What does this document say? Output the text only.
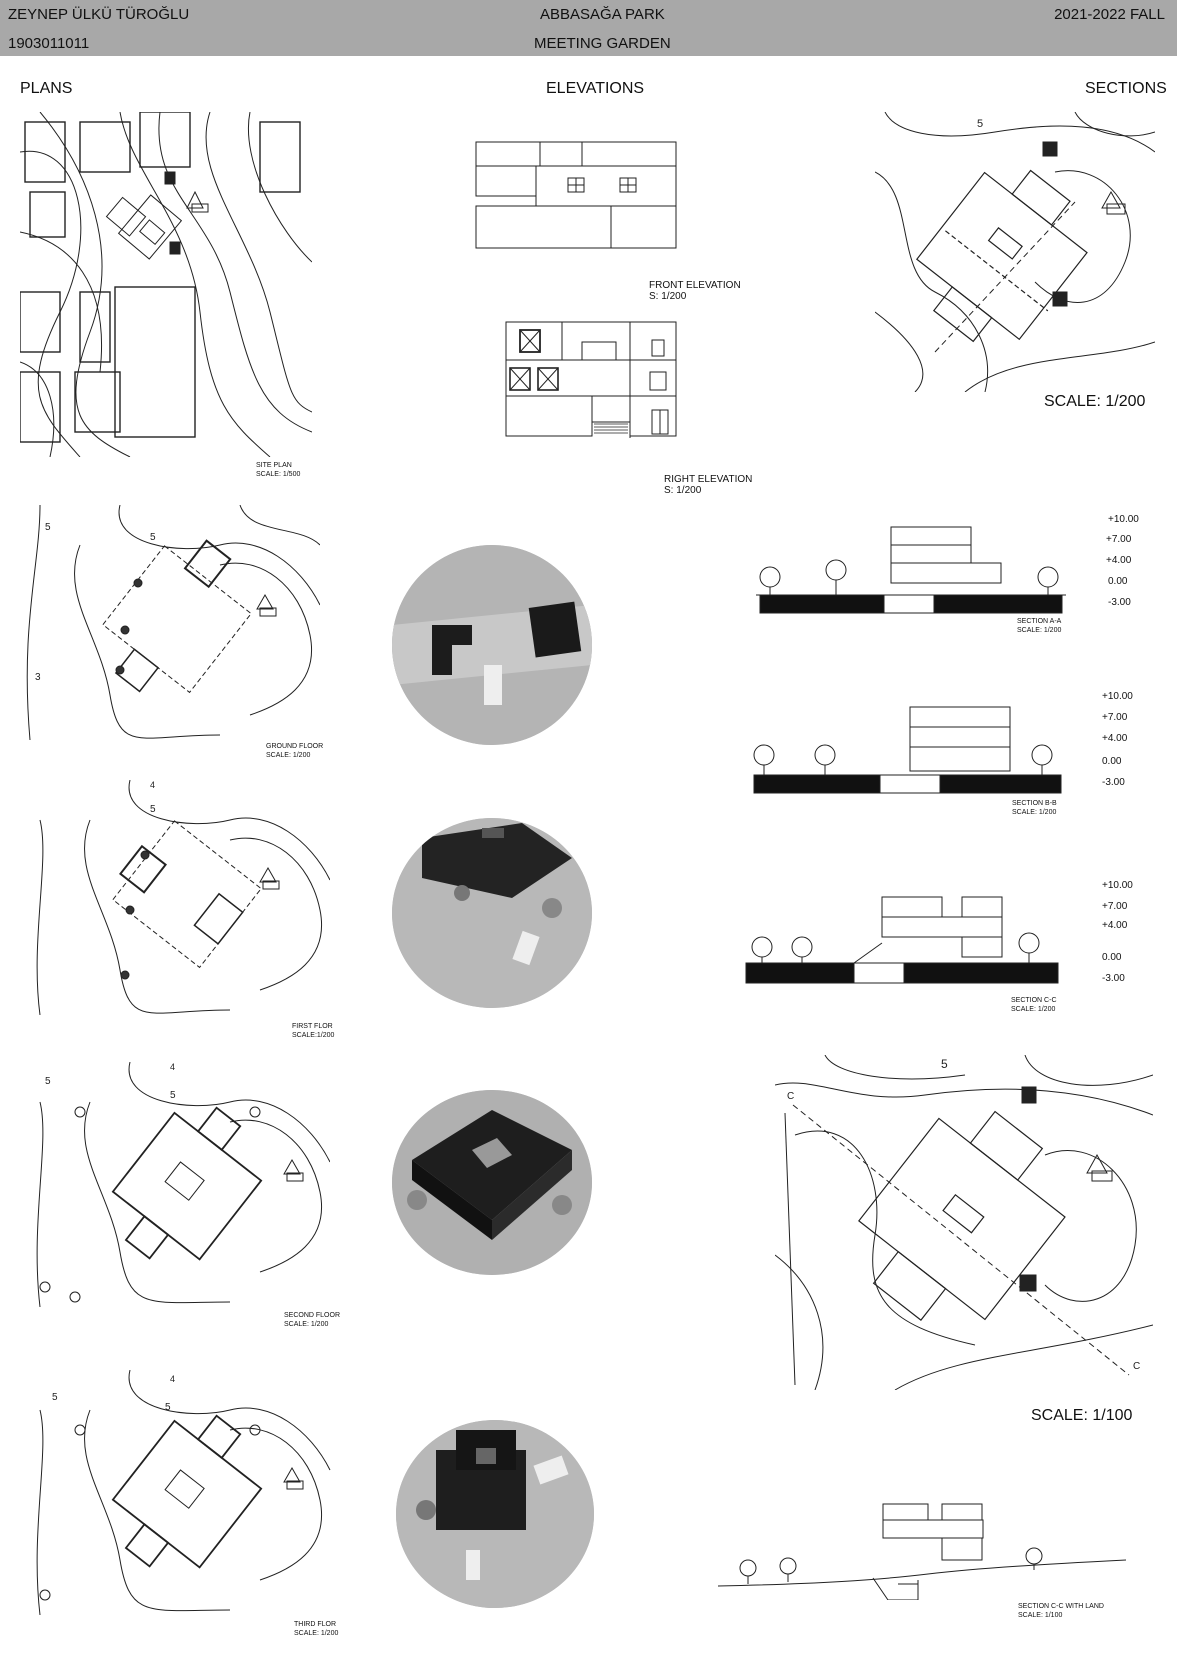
ZEYNEP ÜLKÜ TÜROĞLU
1903011011
ABBASAĞA PARK
MEETING GARDEN
2021-2022 FALL
PLANS	ELEVATIONS	SECTIONS
SITE PLAN
SCALE: 1/500
FRONT ELEVATION
S: 1/200
RIGHT ELEVATION
S: 1/200
5
SCALE: 1/200
5
5
3
GROUND FLOOR
SCALE: 1/200
4
5
FIRST FLOR
SCALE:1/200
4
5
5
SECOND FLOOR
SCALE: 1/200
4
5
5
THIRD FLOR
SCALE: 1/200
SECTION A-A
SCALE: 1/200
+10.00
+7.00
+4.00
0.00
-3.00
SECTION B-B
SCALE: 1/200
+10.00
+7.00
+4.00
0.00
-3.00
SECTION C-C
SCALE: 1/200
+10.00
+7.00
+4.00
0.00
-3.00
5
C
C
SCALE: 1/100
SECTION C-C WITH LAND
SCALE: 1/100
